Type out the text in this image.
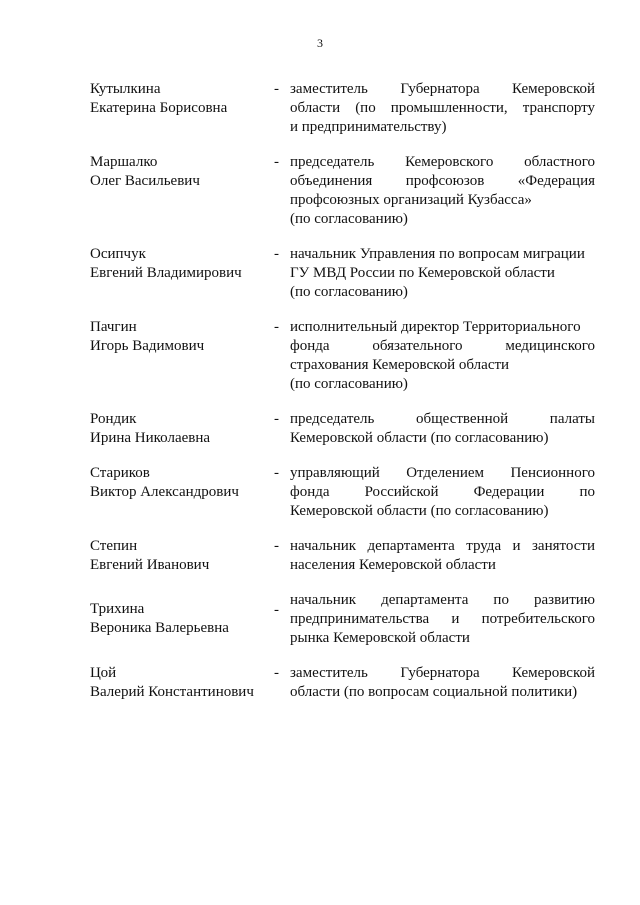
3
Кутылкина
Екатерина Борисовна
- заместитель Губернатора Кемеровской
области (по промышленности, транспорту
и предпринимательству)
Маршалко
Олег Васильевич
- председатель Кемеровского областного
объединения профсоюзов «Федерация
профсоюзных организаций Кузбасса»
(по согласованию)
Осипчук
Евгений Владимирович
- начальник Управления по вопросам миграции
ГУ МВД России по Кемеровской области
(по согласованию)
Пачгин
Игорь Вадимович
- исполнительный директор Территориального
фонда обязательного медицинского
страхования Кемеровской области
(по согласованию)
Рондик
Ирина Николаевна
- председатель общественной палаты
Кемеровской области (по согласованию)
Стариков
Виктор Александрович
- управляющий Отделением Пенсионного
фонда Российской Федерации по
Кемеровской области (по согласованию)
Степин
Евгений Иванович
- начальник департамента труда и занятости
населения Кемеровской области
Трихина
Вероника Валерьевна
-
начальник департамента по развитию
предпринимательства и потребительского
рынка Кемеровской области
Цой
Валерий Константинович
- заместитель Губернатора Кемеровской
области (по вопросам социальной политики)
